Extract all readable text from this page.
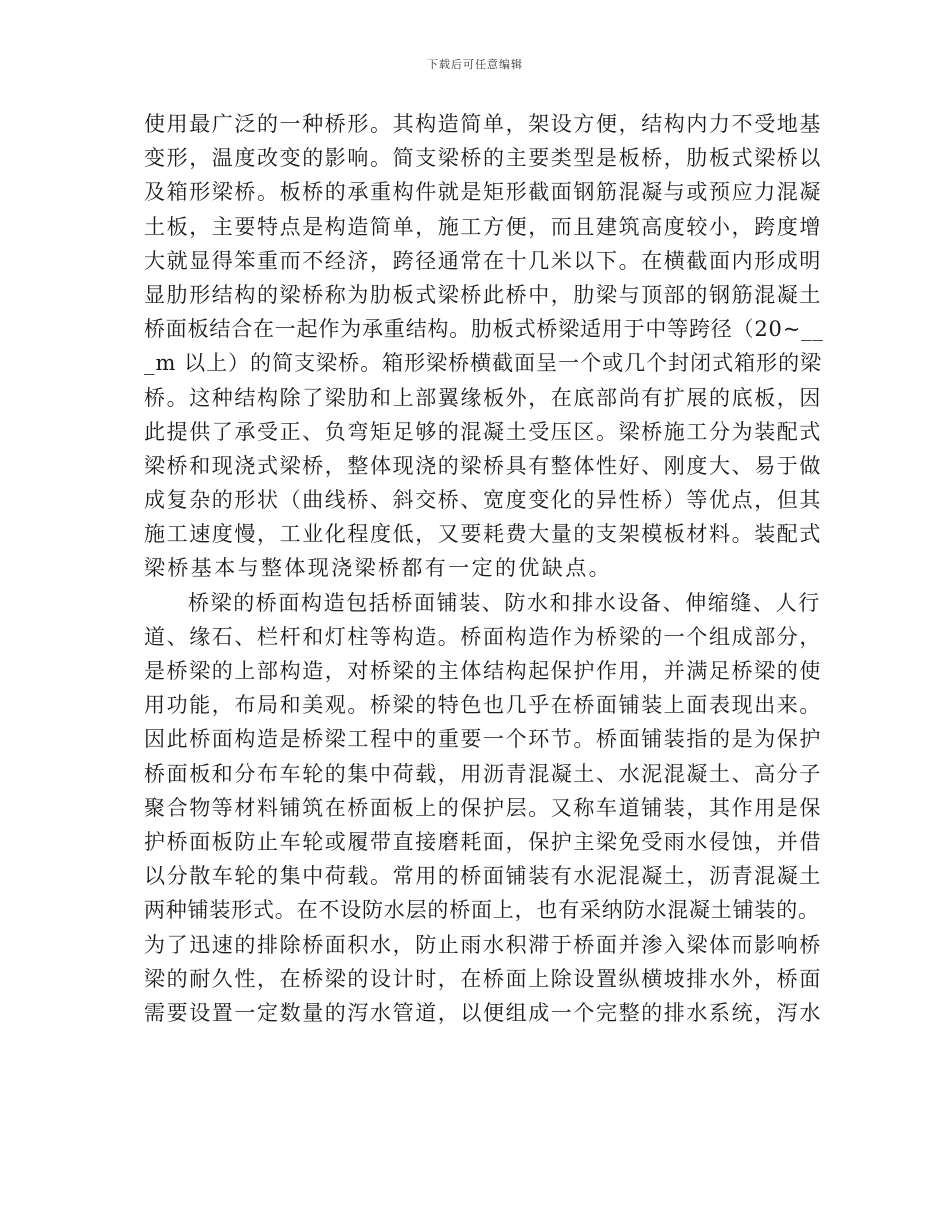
下载后可任意编辑
使用最广泛的一种桥形。其构造简单，架设方便，结构内力不受地基
变形，温度改变的影响。简支梁桥的主要类型是板桥，肋板式梁桥以
及箱形梁桥。板桥的承重构件就是矩形截面钢筋混凝与或预应力混凝
土板，主要特点是构造简单，施工方便，而且建筑高度较小，跨度增
大就显得笨重而不经济，跨径通常在十几米以下。在横截面内形成明
显肋形结构的梁桥称为肋板式梁桥此桥中，肋梁与顶部的钢筋混凝土
桥面板结合在一起作为承重结构。肋板式桥梁适用于中等跨径（20~__
_m 以上）的简支梁桥。箱形梁桥横截面呈一个或几个封闭式箱形的梁
桥。这种结构除了梁肋和上部翼缘板外，在底部尚有扩展的底板，因
此提供了承受正、负弯矩足够的混凝土受压区。梁桥施工分为装配式
梁桥和现浇式梁桥，整体现浇的梁桥具有整体性好、刚度大、易于做
成复杂的形状（曲线桥、斜交桥、宽度变化的异性桥）等优点，但其
施工速度慢，工业化程度低，又要耗费大量的支架模板材料。装配式
梁桥基本与整体现浇梁桥都有一定的优缺点。
桥梁的桥面构造包括桥面铺装、防水和排水设备、伸缩缝、人行
道、缘石、栏杆和灯柱等构造。桥面构造作为桥梁的一个组成部分，
是桥梁的上部构造，对桥梁的主体结构起保护作用，并满足桥梁的使
用功能，布局和美观。桥梁的特色也几乎在桥面铺装上面表现出来。
因此桥面构造是桥梁工程中的重要一个环节。桥面铺装指的是为保护
桥面板和分布车轮的集中荷载，用沥青混凝土、水泥混凝土、高分子
聚合物等材料铺筑在桥面板上的保护层。又称车道铺装，其作用是保
护桥面板防止车轮或履带直接磨耗面，保护主梁免受雨水侵蚀，并借
以分散车轮的集中荷载。常用的桥面铺装有水泥混凝土，沥青混凝土
两种铺装形式。在不设防水层的桥面上，也有采纳防水混凝土铺装的。
为了迅速的排除桥面积水，防止雨水积滞于桥面并渗入梁体而影响桥
梁的耐久性，在桥梁的设计时，在桥面上除设置纵横坡排水外，桥面
需要设置一定数量的泻水管道，以便组成一个完整的排水系统，泻水
